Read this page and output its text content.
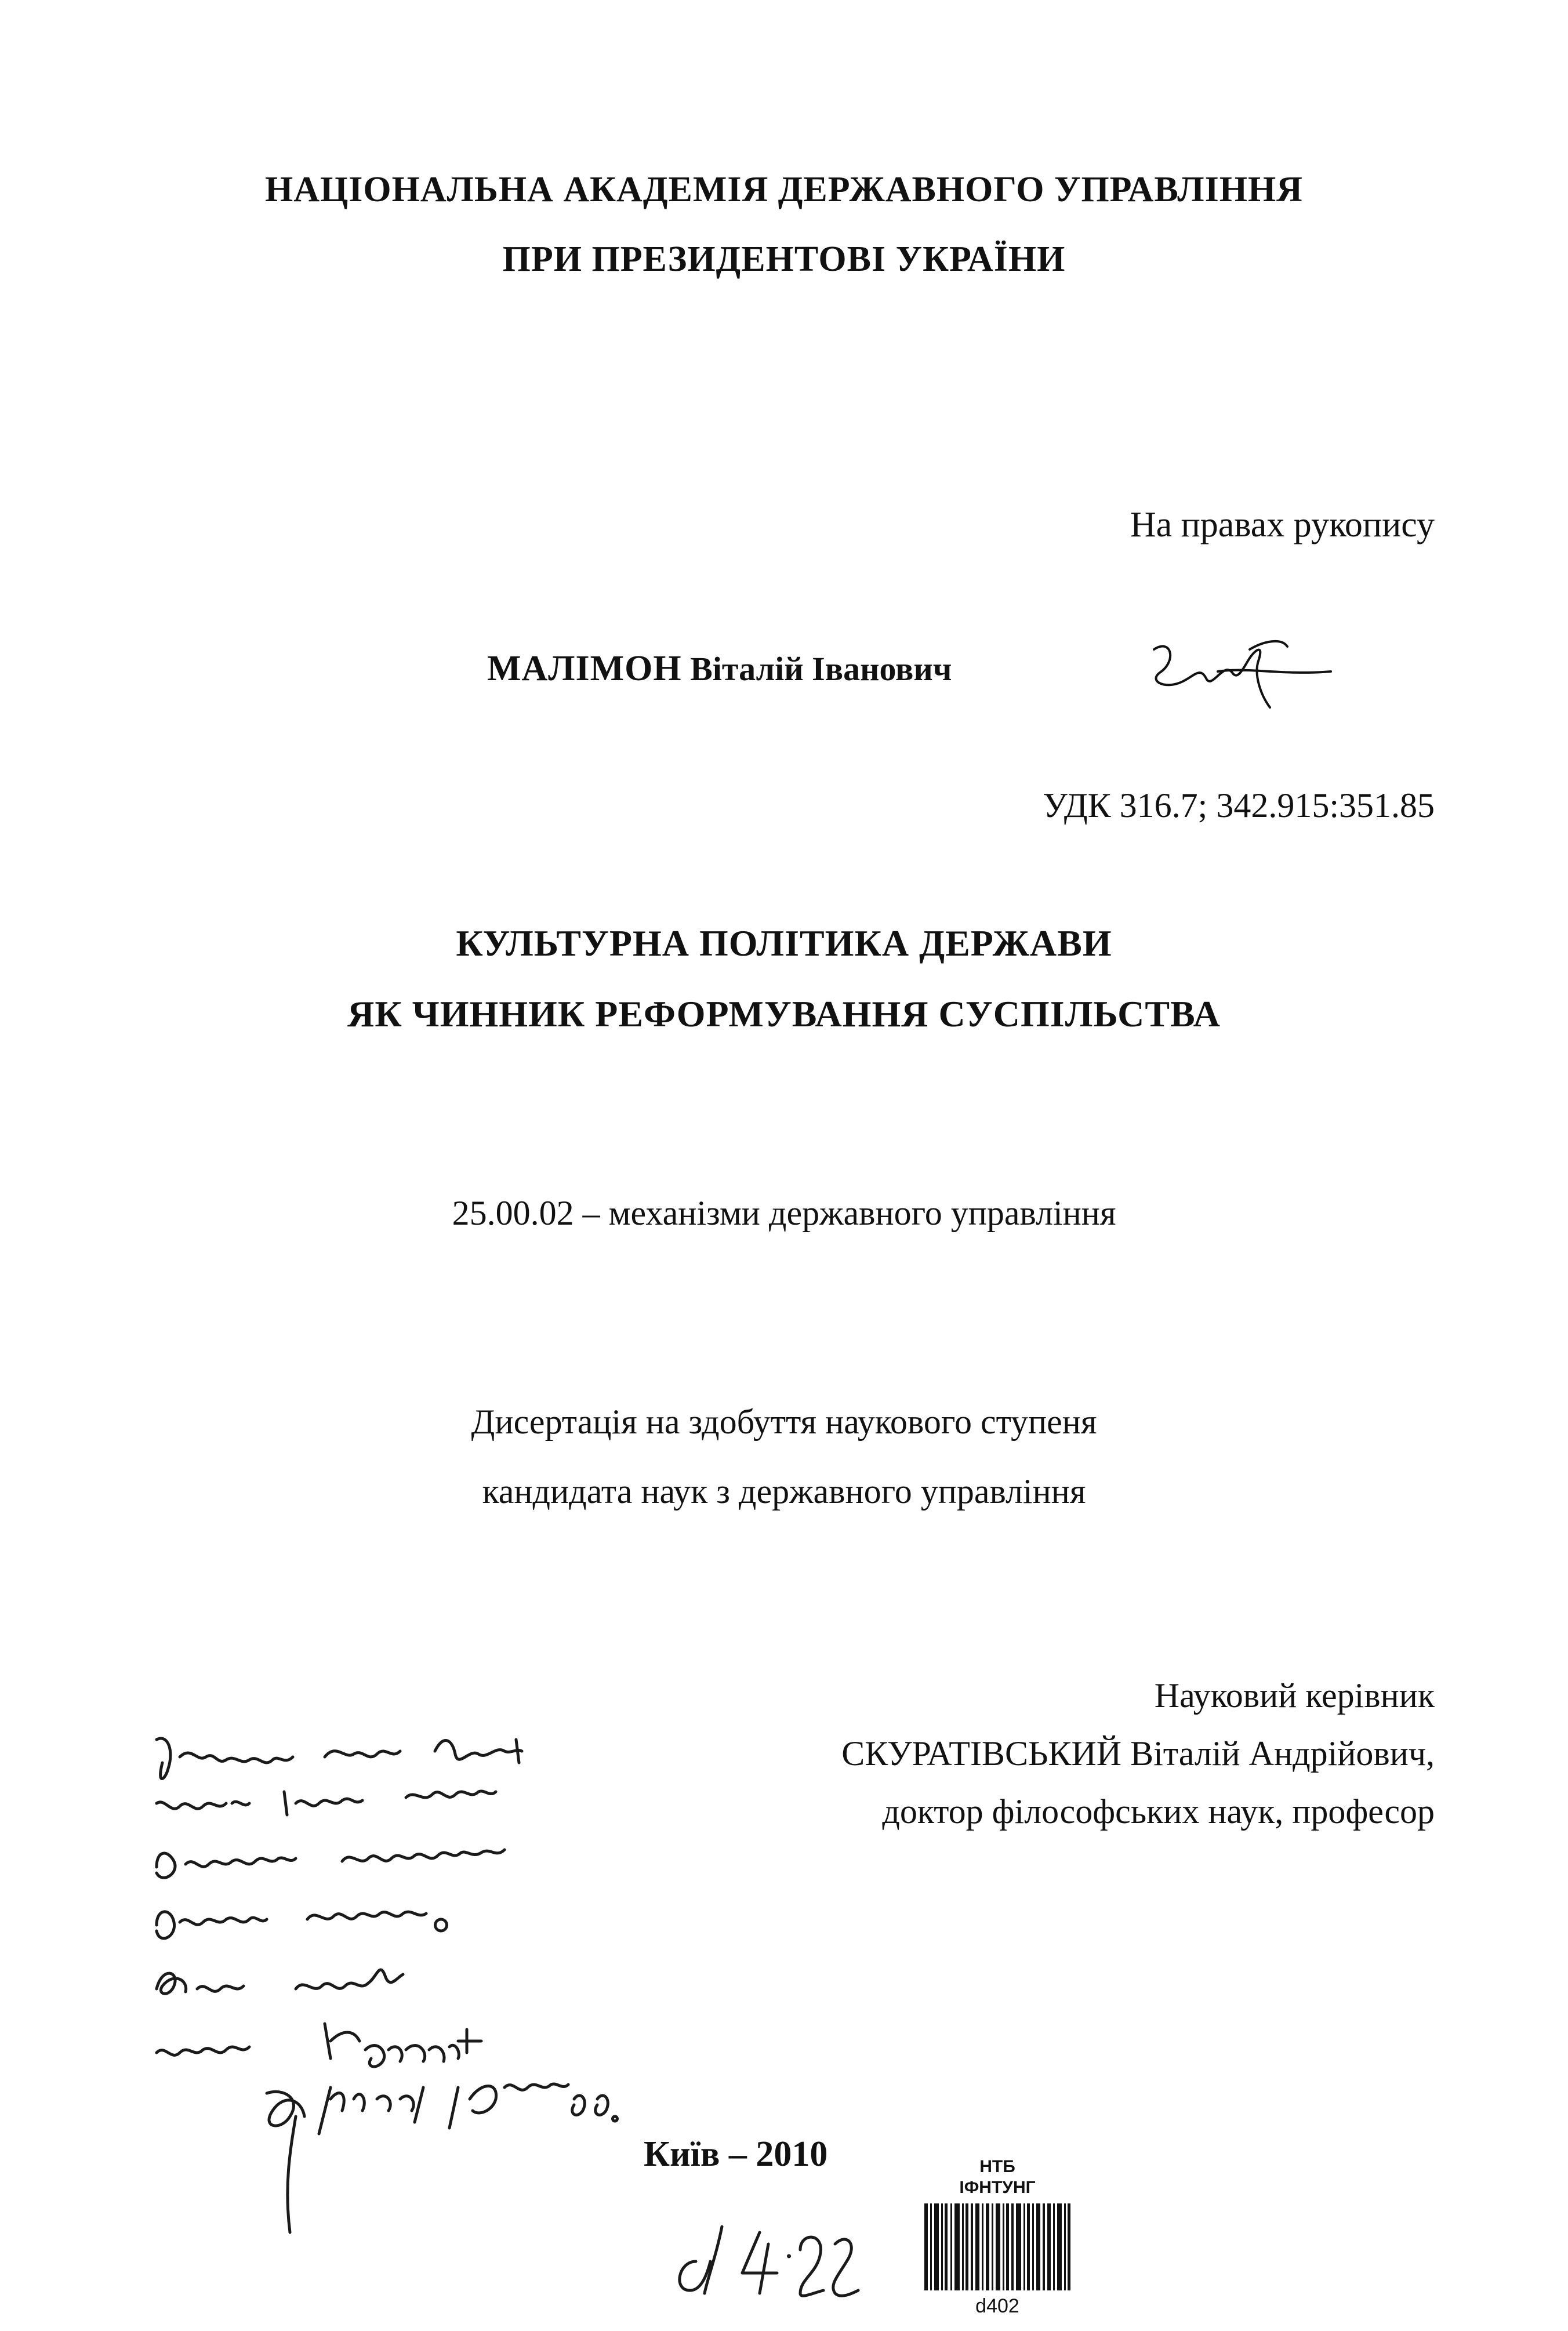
НАЦІОНАЛЬНА АКАДЕМІЯ ДЕРЖАВНОГО УПРАВЛІННЯ
ПРИ ПРЕЗИДЕНТОВІ УКРАЇНИ
На правах рукопису
МАЛІМОН Віталій Іванович
УДК 316.7; 342.915:351.85
КУЛЬТУРНА ПОЛІТИКА ДЕРЖАВИ
ЯК ЧИННИК РЕФОРМУВАННЯ СУСПІЛЬСТВА
25.00.02 – механізми державного управління
Дисертація на здобуття наукового ступеня
кандидата наук з державного управління
Науковий керівник
СКУРАТІВСЬКИЙ Віталій Андрійович,
доктор філософських наук, професор
Київ – 2010	НТБ
ІФНТУНГ
d402
